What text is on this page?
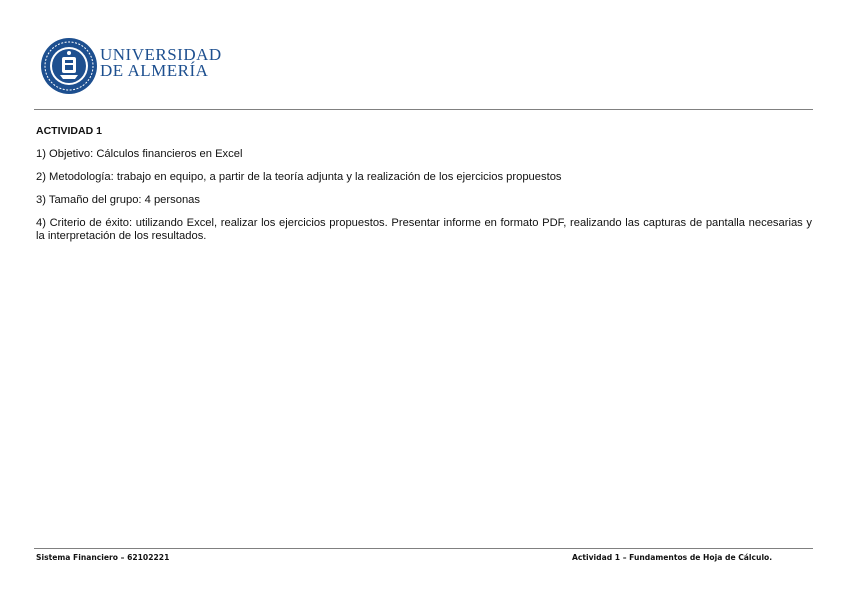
UNIVERSIDAD
DE ALMERÍA
ACTIVIDAD 1

1) Objetivo: Cálculos financieros en Excel

2) Metodología: trabajo en equipo, a partir de la teoría adjunta y la realización de los ejercicios propuestos

3) Tamaño del grupo: 4 personas

4) Criterio de éxito: utilizando Excel, realizar los ejercicios propuestos. Presentar informe en formato PDF, realizando las capturas de pantalla necesarias y la interpretación de los resultados.

Sistema Financiero – 62102221	Actividad 1 – Fundamentos de Hoja de Cálculo.
